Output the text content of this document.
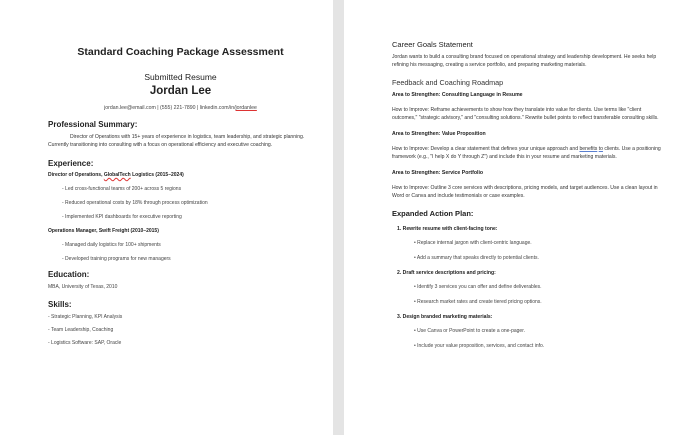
Standard Coaching Package Assessment
Submitted Resume
Jordan Lee
jordan.lee@email.com | (555) 221-7890 | linkedin.com/in/jordanlee
Professional Summary:
Director of Operations with 15+ years of experience in logistics, team leadership, and strategic planning. Currently transitioning into consulting with a focus on operational efficiency and executive coaching.
Experience:
Director of Operations, GlobalTech Logistics (2015–2024)
- Led cross-functional teams of 200+ across 5 regions
- Reduced operational costs by 18% through process optimization
- Implemented KPI dashboards for executive reporting
Operations Manager, Swift Freight (2010–2015)
- Managed daily logistics for 100+ shipments
- Developed training programs for new managers
Education:
MBA, University of Texas, 2010
Skills:
- Strategic Planning, KPI Analysis
- Team Leadership, Coaching
- Logistics Software: SAP, Oracle
Career Goals Statement
Jordan wants to build a consulting brand focused on operational strategy and leadership development. He seeks help refining his messaging, creating a service portfolio, and preparing marketing materials.
Feedback and Coaching Roadmap
Area to Strengthen: Consulting Language in Resume
How to Improve: Reframe achievements to show how they translate into value for clients. Use terms like "client outcomes," "strategic advisory," and "consulting solutions." Rewrite bullet points to reflect transferable consulting skills.
Area to Strengthen: Value Proposition
How to Improve: Develop a clear statement that defines your unique approach and benefits to clients. Use a positioning framework (e.g., "I help X do Y through Z") and include this in your resume and marketing materials.
Area to Strengthen: Service Portfolio
How to Improve: Outline 3 core services with descriptions, pricing models, and target audiences. Use a clean layout in Word or Canva and include testimonials or case examples.
Expanded Action Plan:
1. Rewrite resume with client-facing tone:
• Replace internal jargon with client-centric language.
• Add a summary that speaks directly to potential clients.
2. Draft service descriptions and pricing:
• Identify 3 services you can offer and define deliverables.
• Research market rates and create tiered pricing options.
3. Design branded marketing materials:
• Use Canva or PowerPoint to create a one-pager.
• Include your value proposition, services, and contact info.
